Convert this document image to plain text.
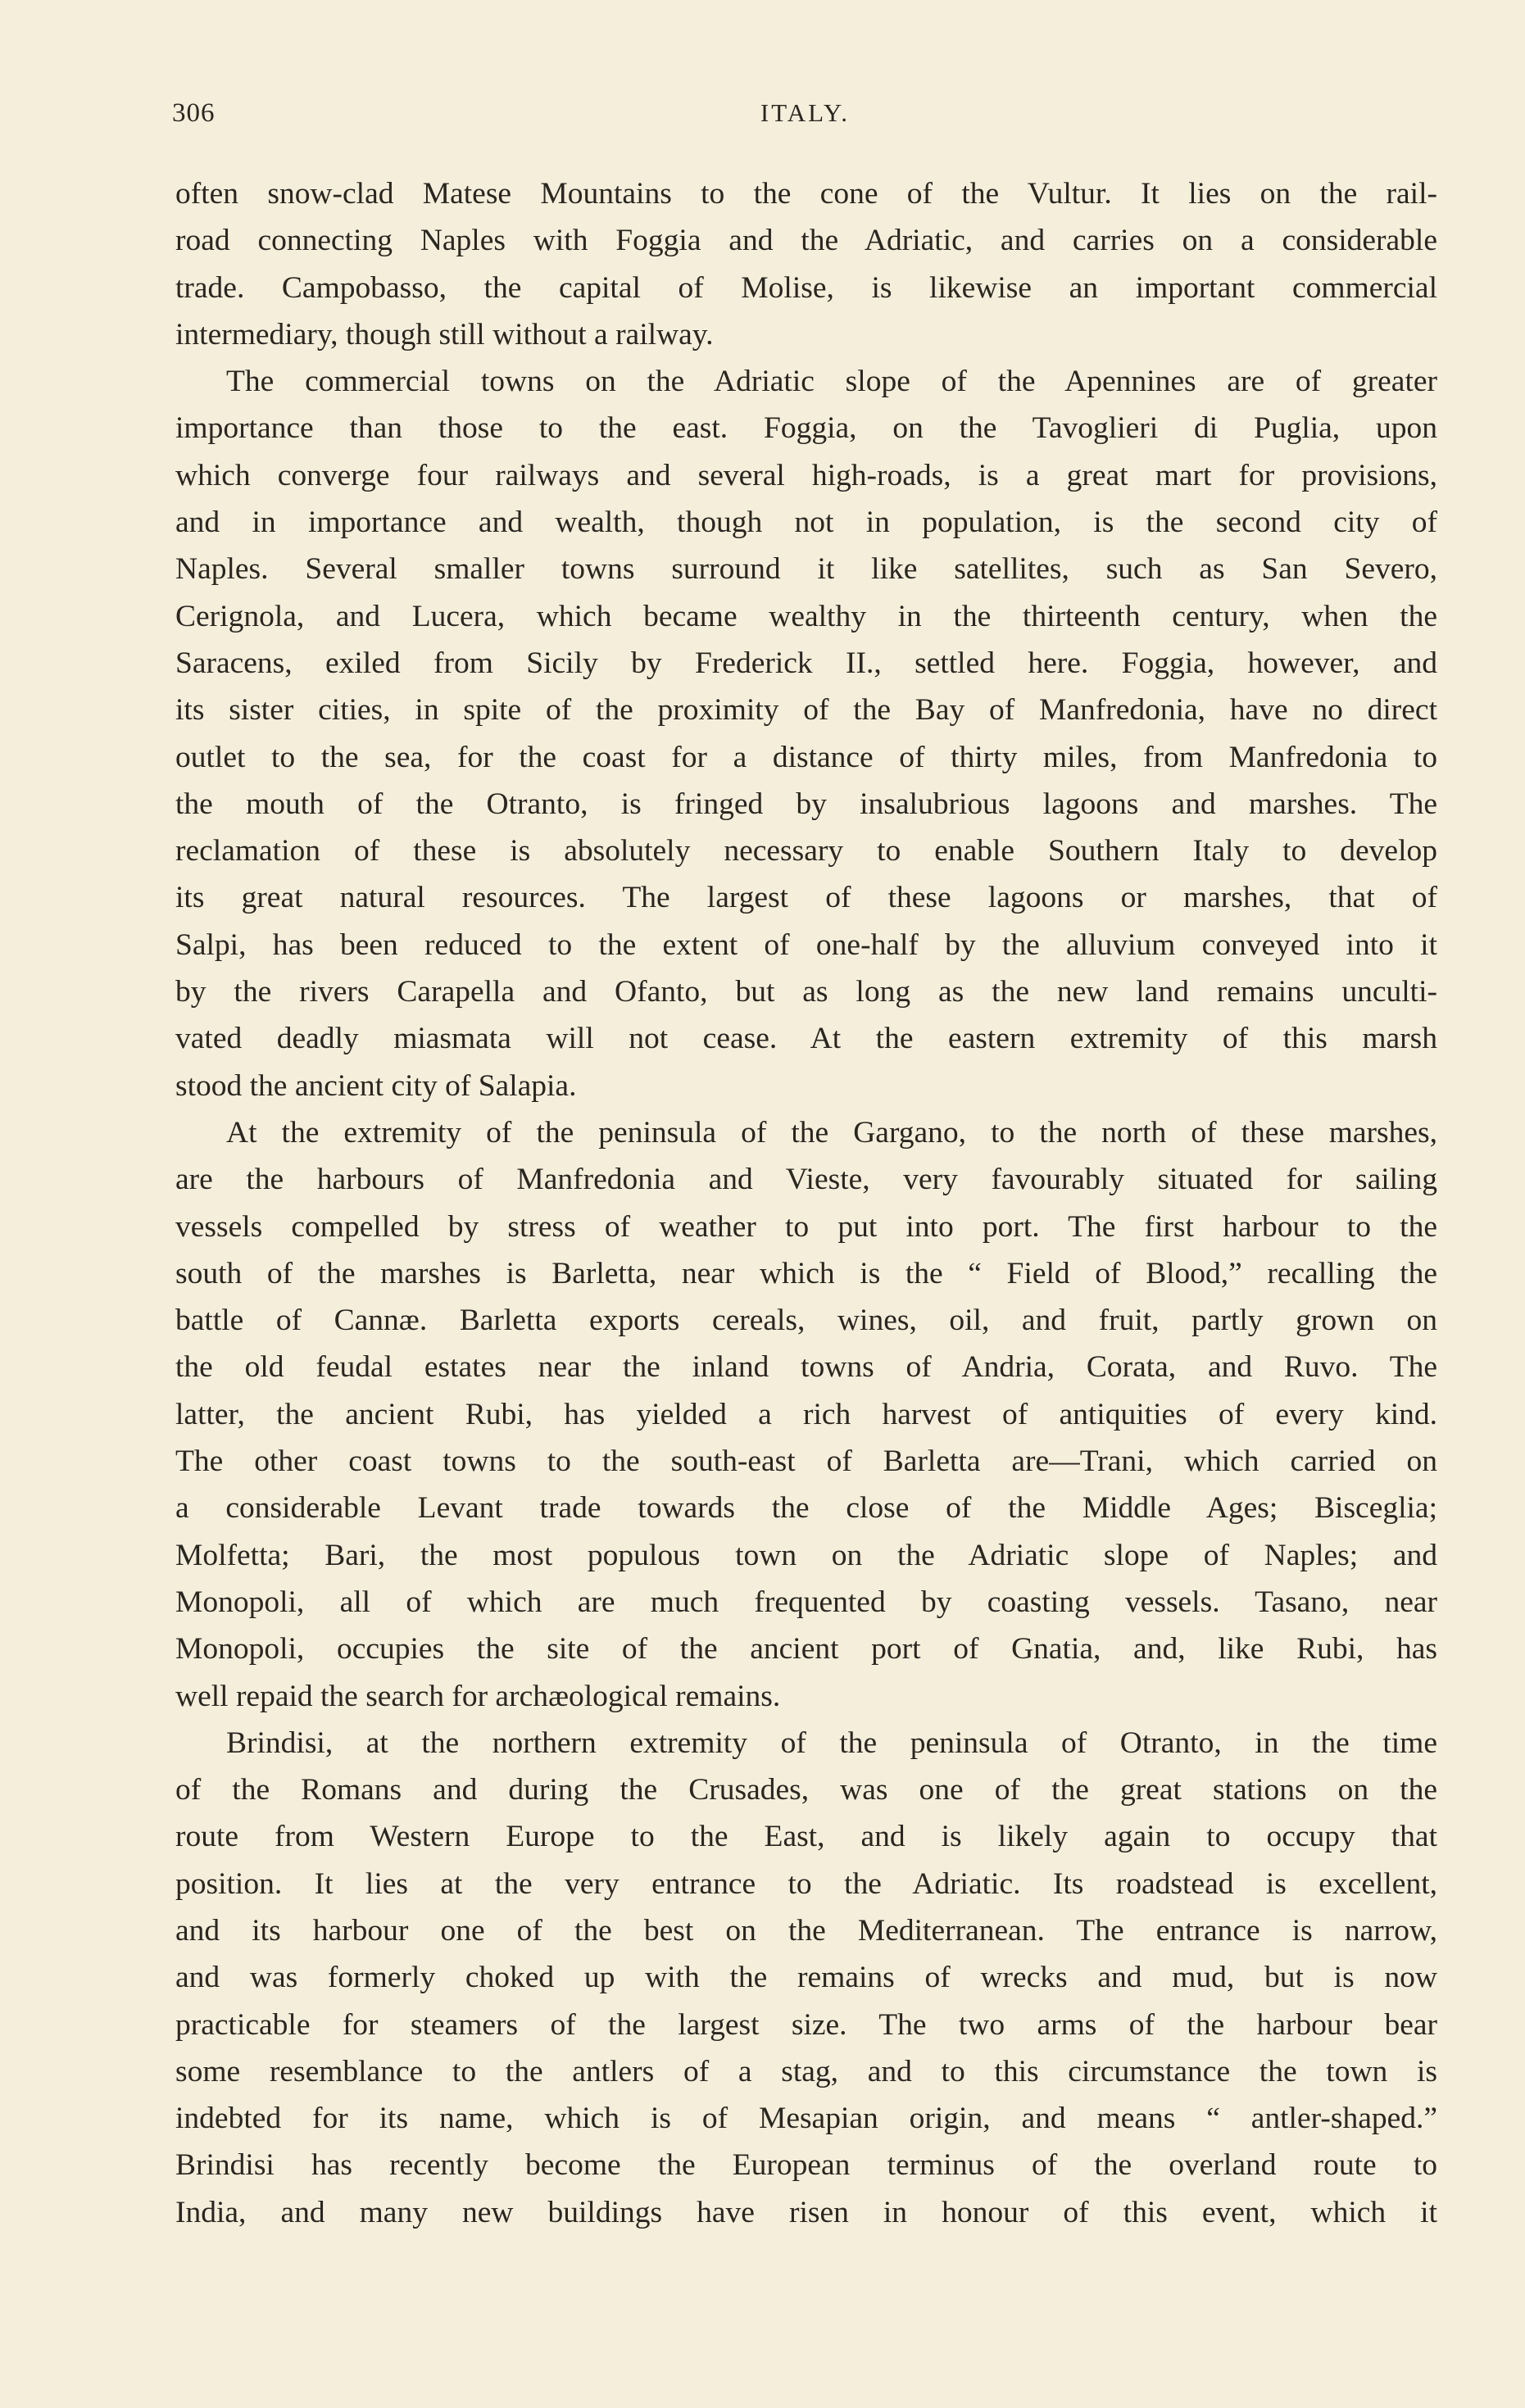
306	ITALY.
often snow-clad Matese Mountains to the cone of the Vultur. It lies on the rail-
road connecting Naples with Foggia and the Adriatic, and carries on a considerable
trade. Campobasso, the capital of Molise, is likewise an important commercial
intermediary, though still without a railway.
The commercial towns on the Adriatic slope of the Apennines are of greater
importance than those to the east. Foggia, on the Tavoglieri di Puglia, upon
which converge four railways and several high-roads, is a great mart for provisions,
and in importance and wealth, though not in population, is the second city of
Naples. Several smaller towns surround it like satellites, such as San Severo,
Cerignola, and Lucera, which became wealthy in the thirteenth century, when the
Saracens, exiled from Sicily by Frederick II., settled here. Foggia, however, and
its sister cities, in spite of the proximity of the Bay of Manfredonia, have no direct
outlet to the sea, for the coast for a distance of thirty miles, from Manfredonia to
the mouth of the Otranto, is fringed by insalubrious lagoons and marshes. The
reclamation of these is absolutely necessary to enable Southern Italy to develop
its great natural resources. The largest of these lagoons or marshes, that of
Salpi, has been reduced to the extent of one-half by the alluvium conveyed into it
by the rivers Carapella and Ofanto, but as long as the new land remains unculti-
vated deadly miasmata will not cease. At the eastern extremity of this marsh
stood the ancient city of Salapia.
At the extremity of the peninsula of the Gargano, to the north of these marshes,
are the harbours of Manfredonia and Vieste, very favourably situated for sailing
vessels compelled by stress of weather to put into port. The first harbour to the
south of the marshes is Barletta, near which is the “ Field of Blood,” recalling the
battle of Cannæ. Barletta exports cereals, wines, oil, and fruit, partly grown on
the old feudal estates near the inland towns of Andria, Corata, and Ruvo. The
latter, the ancient Rubi, has yielded a rich harvest of antiquities of every kind.
The other coast towns to the south-east of Barletta are—Trani, which carried on
a considerable Levant trade towards the close of the Middle Ages; Bisceglia;
Molfetta; Bari, the most populous town on the Adriatic slope of Naples; and
Monopoli, all of which are much frequented by coasting vessels. Tasano, near
Monopoli, occupies the site of the ancient port of Gnatia, and, like Rubi, has
well repaid the search for archæological remains.
Brindisi, at the northern extremity of the peninsula of Otranto, in the time
of the Romans and during the Crusades, was one of the great stations on the
route from Western Europe to the East, and is likely again to occupy that
position. It lies at the very entrance to the Adriatic. Its roadstead is excellent,
and its harbour one of the best on the Mediterranean. The entrance is narrow,
and was formerly choked up with the remains of wrecks and mud, but is now
practicable for steamers of the largest size. The two arms of the harbour bear
some resemblance to the antlers of a stag, and to this circumstance the town is
indebted for its name, which is of Mesapian origin, and means “ antler-shaped.”
Brindisi has recently become the European terminus of the overland route to
India, and many new buildings have risen in honour of this event, which it
